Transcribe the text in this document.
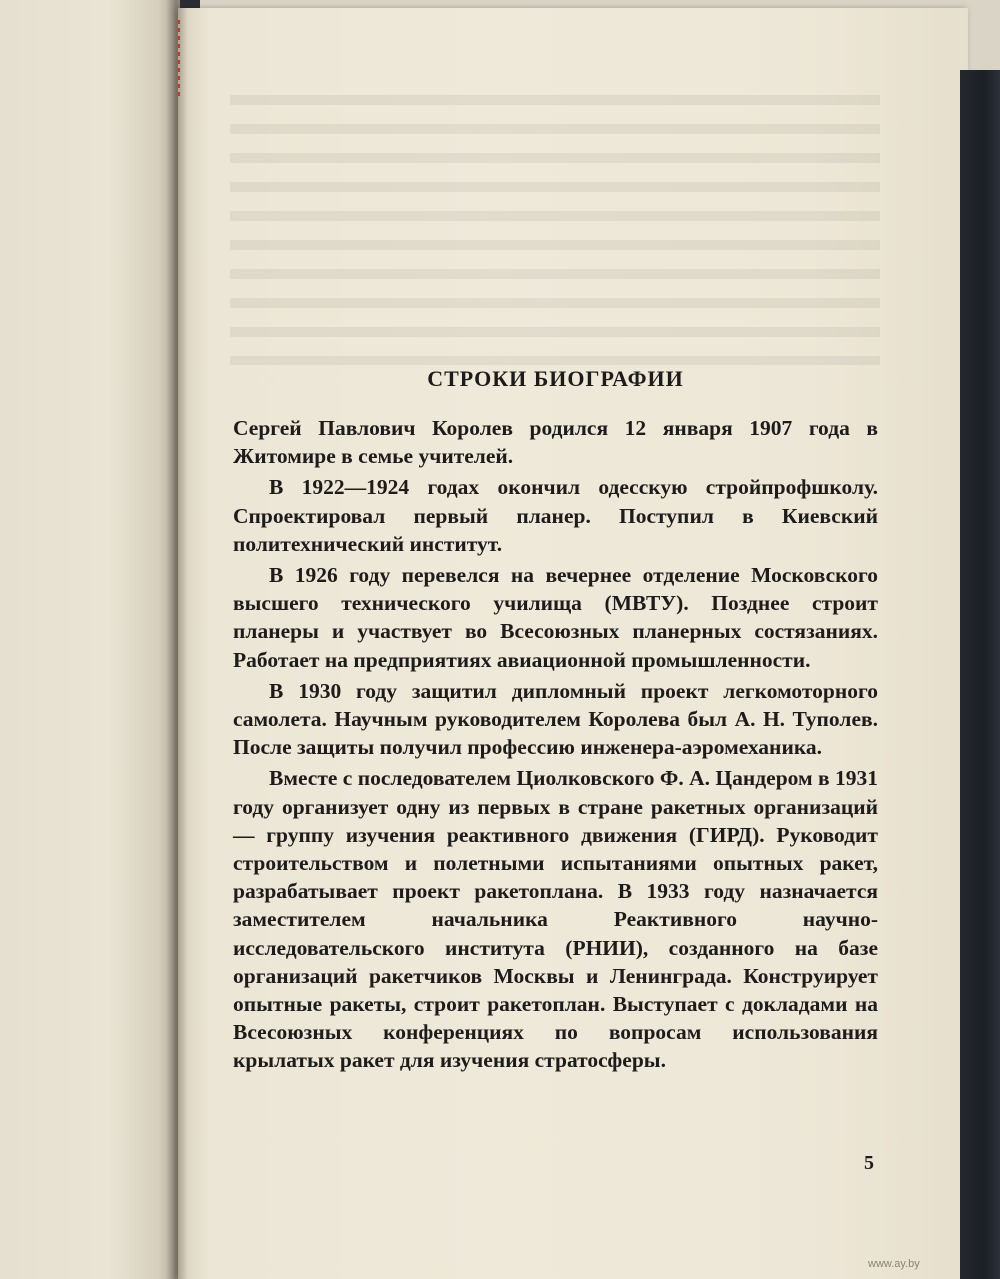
СТРОКИ БИОГРАФИИ

Сергей Павлович Королев родился 12 января 1907 года в Житомире в семье учителей.

В 1922—1924 годах окончил одесскую стройпрофшколу. Спроектировал первый планер. Поступил в Киевский политехнический институт.

В 1926 году перевелся на вечернее отделение Московского высшего технического училища (МВТУ). Позднее строит планеры и участвует во Всесоюзных планерных состязаниях. Работает на предприятиях авиационной промышленности.

В 1930 году защитил дипломный проект легкомоторного самолета. Научным руководителем Королева был А. Н. Туполев. После защиты получил профессию инженера-аэромеханика.

Вместе с последователем Циолковского Ф. А. Цандером в 1931 году организует одну из первых в стране ракетных организаций — группу изучения реактивного движения (ГИРД). Руководит строительством и полетными испытаниями опытных ракет, разрабатывает проект ракетоплана. В 1933 году назначается заместителем начальника Реактивного научно-исследовательского института (РНИИ), созданного на базе организаций ракетчиков Москвы и Ленинграда. Конструирует опытные ракеты, строит ракетоплан. Выступает с докладами на Всесоюзных конференциях по вопросам использования крылатых ракет для изучения стратосферы.

5
www.ay.by
